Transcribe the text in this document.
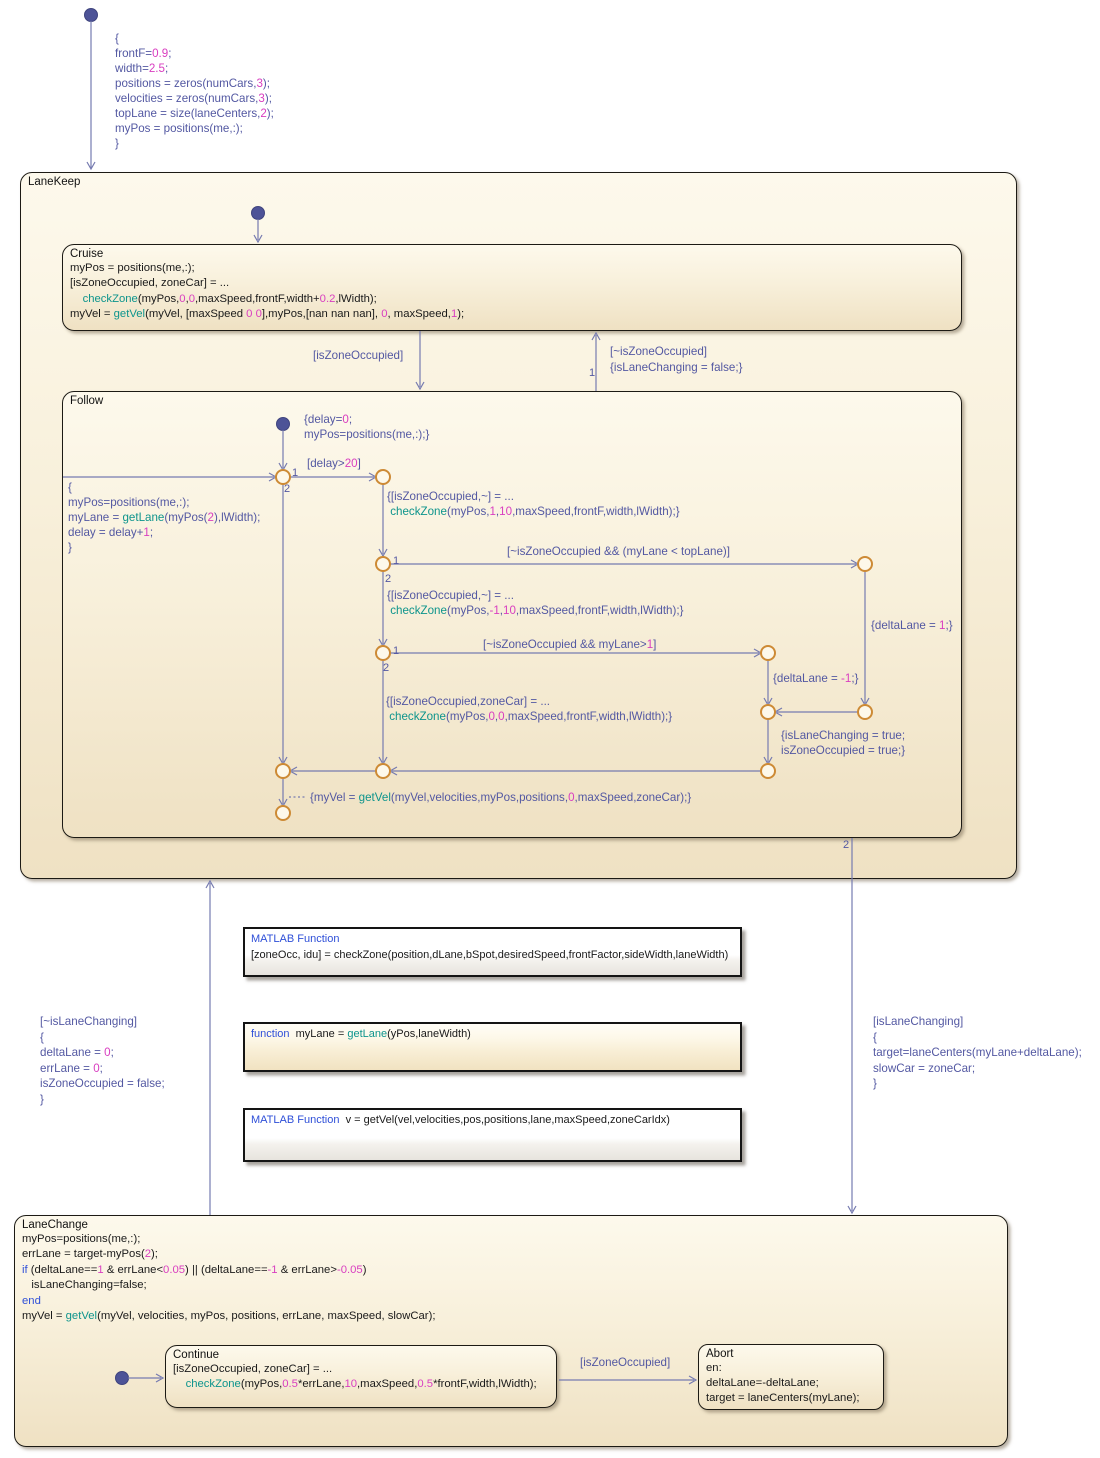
LaneKeep
Cruise
myPos = positions(me,:);
[isZoneOccupied, zoneCar] = ...
checkZone(myPos,0,0,maxSpeed,frontF,width+0.2,lWidth);
myVel = getVel(myVel, [maxSpeed 0 0],myPos,[nan nan nan], 0, maxSpeed,1);
Follow
LaneChange
myPos=positions(me,:);
errLane = target-myPos(2);
if (deltaLane==1 & errLane<0.05) || (deltaLane==-1 & errLane>-0.05)
isLaneChanging=false;
end
myVel = getVel(myVel, velocities, myPos, positions, errLane, maxSpeed, slowCar);
Continue
[isZoneOccupied, zoneCar] = ...
checkZone(myPos,0.5*errLane,10,maxSpeed,0.5*frontF,width,lWidth);
Abort
en:
deltaLane=-deltaLane;
target = laneCenters(myLane);
MATLAB Function
[zoneOcc, idu] = checkZone(position,dLane,bSpot,desiredSpeed,frontFactor,sideWidth,laneWidth)
function  myLane = getLane(yPos,laneWidth)
MATLAB Function  v = getVel(vel,velocities,pos,positions,lane,maxSpeed,zoneCarIdx)
{
frontF=0.9;
width=2.5;
positions = zeros(numCars,3);
velocities = zeros(numCars,3);
topLane = size(laneCenters,2);
myPos = positions(me,:);
}
[isZoneOccupied]	[~isZoneOccupied]
{isLaneChanging = false;}
1
{delay=0;
myPos=positions(me,:);}
{
myPos=positions(me,:);
myLane = getLane(myPos(2),lWidth);
delay = delay+1;
}
[delay>20]
1
2
{[isZoneOccupied,~] = ...
checkZone(myPos,1,10,maxSpeed,frontF,width,lWidth);}
[~isZoneOccupied && (myLane < topLane)]
1
2
{[isZoneOccupied,~] = ...
checkZone(myPos,-1,10,maxSpeed,frontF,width,lWidth);}
[~isZoneOccupied && myLane>1]
1
2
{deltaLane = 1;}
{deltaLane = -1;}
{[isZoneOccupied,zoneCar] = ...
checkZone(myPos,0,0,maxSpeed,frontF,width,lWidth);}
{isLaneChanging = true;
isZoneOccupied = true;}
{myVel = getVel(myVel,velocities,myPos,positions,0,maxSpeed,zoneCar);}
2
[~isLaneChanging]
{
deltaLane = 0;
errLane = 0;
isZoneOccupied = false;
}
[isLaneChanging]
{
target=laneCenters(myLane+deltaLane);
slowCar = zoneCar;
}
[isZoneOccupied]
